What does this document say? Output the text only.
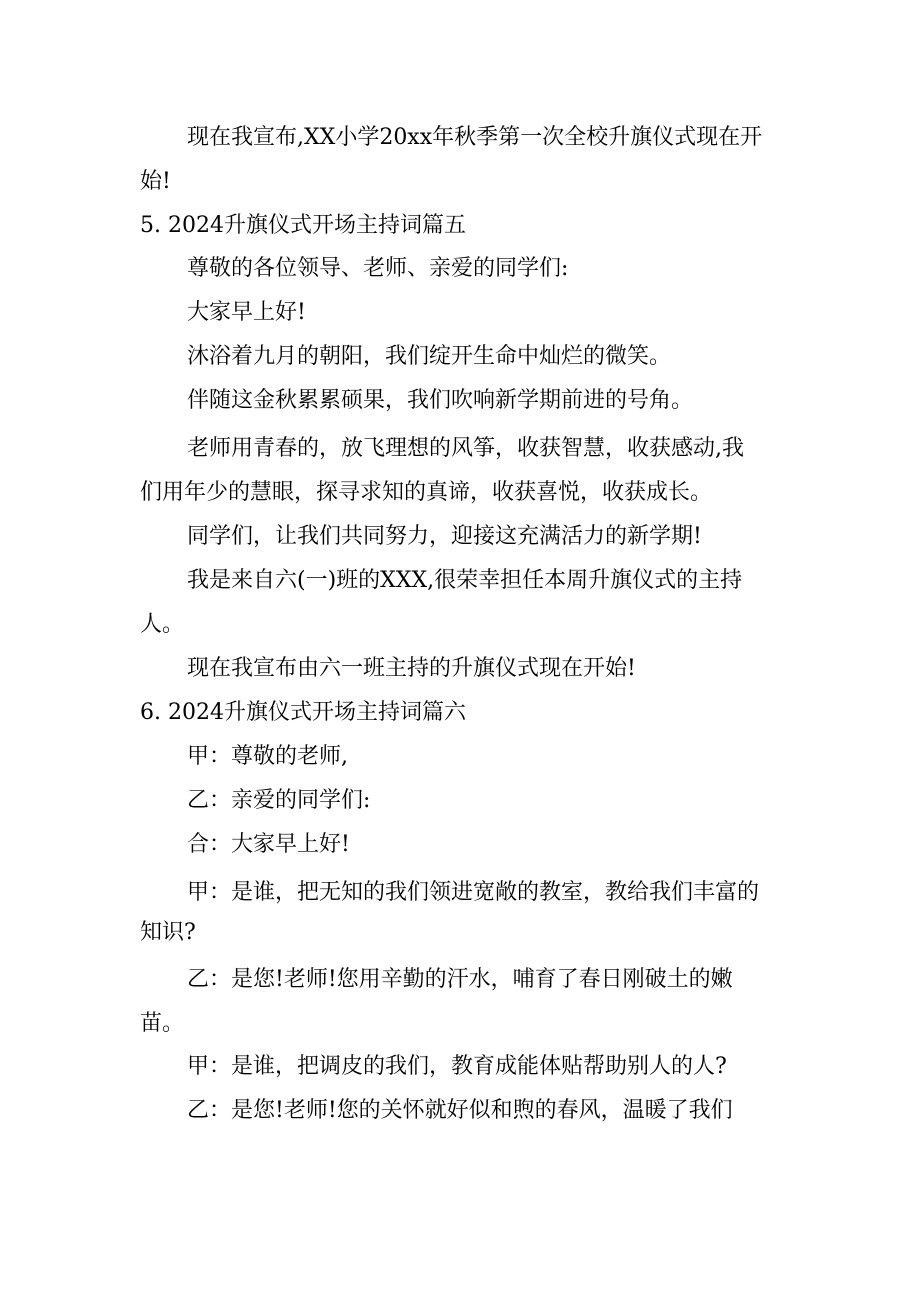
现在我宣布,XX小学20xx年秋季第一次全校升旗仪式现在开
始!
5. 2024升旗仪式开场主持词篇五
尊敬的各位领导、老师、亲爱的同学们:
大家早上好!
沐浴着九月的朝阳，我们绽开生命中灿烂的微笑。
伴随这金秋累累硕果，我们吹响新学期前进的号角。
老师用青春的，放飞理想的风筝，收获智慧，收获感动,我
们用年少的慧眼，探寻求知的真谛，收获喜悦，收获成长。
同学们，让我们共同努力，迎接这充满活力的新学期!
我是来自六(一)班的XXX,很荣幸担任本周升旗仪式的主持
人。
现在我宣布由六一班主持的升旗仪式现在开始!
6. 2024升旗仪式开场主持词篇六
甲：尊敬的老师,
乙：亲爱的同学们:
合：大家早上好!
甲：是谁，把无知的我们领进宽敞的教室，教给我们丰富的
知识?
乙：是您!老师!您用辛勤的汗水，哺育了春日刚破土的嫩
苗。
甲：是谁，把调皮的我们，教育成能体贴帮助别人的人?
乙：是您!老师!您的关怀就好似和煦的春风，温暖了我们
